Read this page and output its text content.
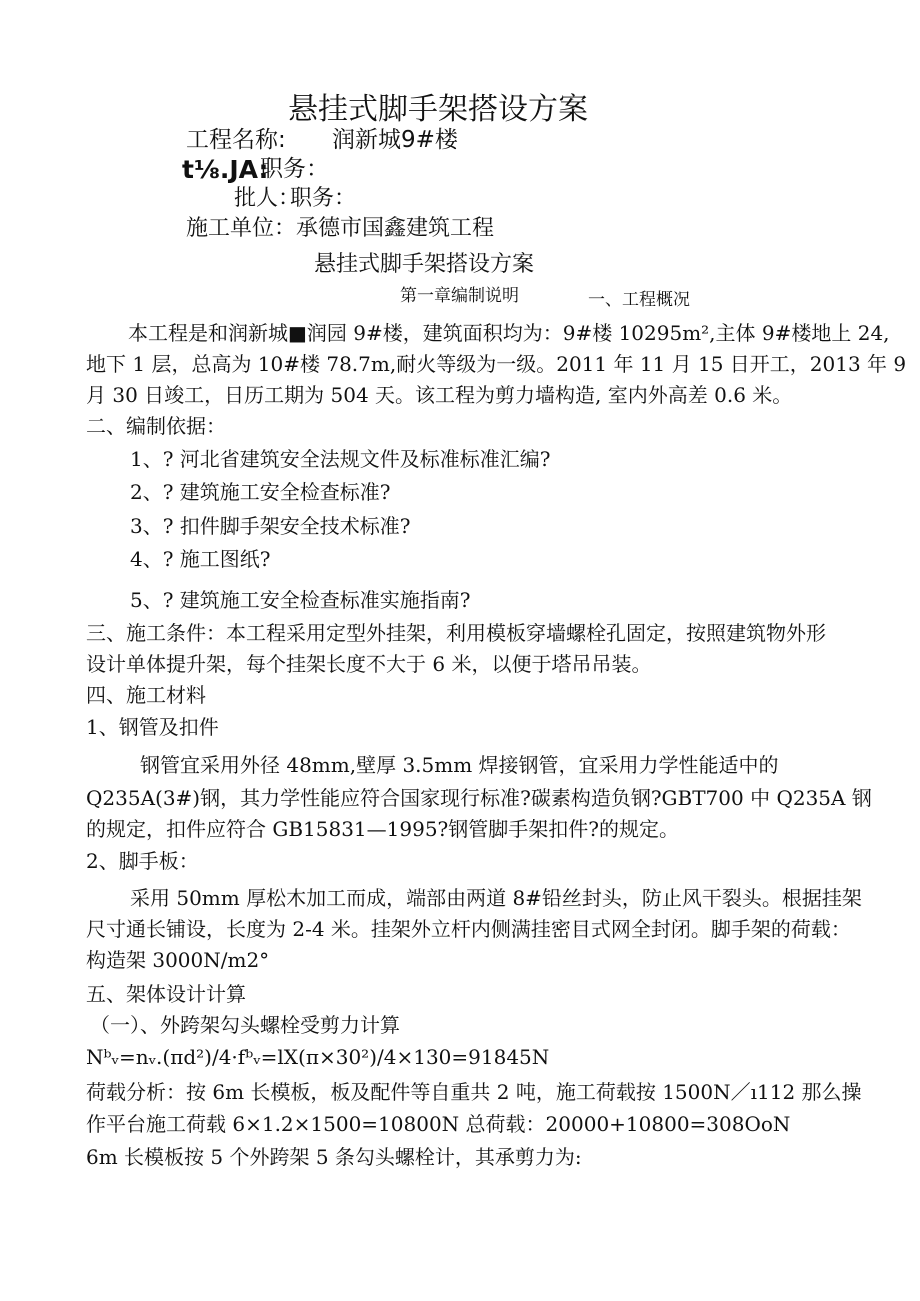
悬挂式脚手架搭设方案
工程名称: 润新城9#楼
t⅛.JA:
职务：
批人：
职务：
施工单位： 承德市国鑫建筑工程
悬挂式脚手架搭设方案
第一章编制说明	一、工程概况
本工程是和润新城■润园 9#楼，建筑面积均为：9#楼 10295m²,主体 9#楼地上 24,
地下 1 层，总高为 10#楼 78.7m,耐火等级为一级。2011 年 11 月 15 日开工，2013 年 9
月 30 日竣工，日历工期为 504 天。该工程为剪力墙构造, 室内外高差 0.6 米。
二、编制依据：
1、? 河北省建筑安全法规文件及标准标准汇编?
2、? 建筑施工安全检查标准?
3、? 扣件脚手架安全技术标准?
4、? 施工图纸?
5、? 建筑施工安全检查标准实施指南?
三、施工条件：本工程采用定型外挂架，利用模板穿墙螺栓孔固定，按照建筑物外形
设计单体提升架，每个挂架长度不大于 6 米，以便于塔吊吊装。
四、施工材料
1、钢管及扣件
钢管宜采用外径 48mm,壁厚 3.5mm 焊接钢管，宜采用力学性能适中的
Q235A(3#)钢，其力学性能应符合国家现行标准?碳素构造负钢?GBT700 中 Q235A 钢
的规定，扣件应符合 GB15831—1995?钢管脚手架扣件?的规定。
2、脚手板：
采用 50mm 厚松木加工而成，端部由两道 8#铅丝封头，防止风干裂头。根据挂架
尺寸通长铺设，长度为 2-4 米。挂架外立杆内侧满挂密目式网全封闭。脚手架的荷载：
构造架 3000N∕m2°
五、架体设计计算
（一）、外跨架勾头螺栓受剪力计算
Nᵇᵥ=nᵥ.(πd²)∕4·fᵇᵥ=lX(π×30²)∕4×130=91845N
荷载分析：按 6m 长模板，板及配件等自重共 2 吨，施工荷载按 1500N／ı112 那么操
作平台施工荷载 6×1.2×1500=10800N 总荷载：20000+10800=308OoN
6m 长模板按 5 个外跨架 5 条勾头螺栓计，其承剪力为:
